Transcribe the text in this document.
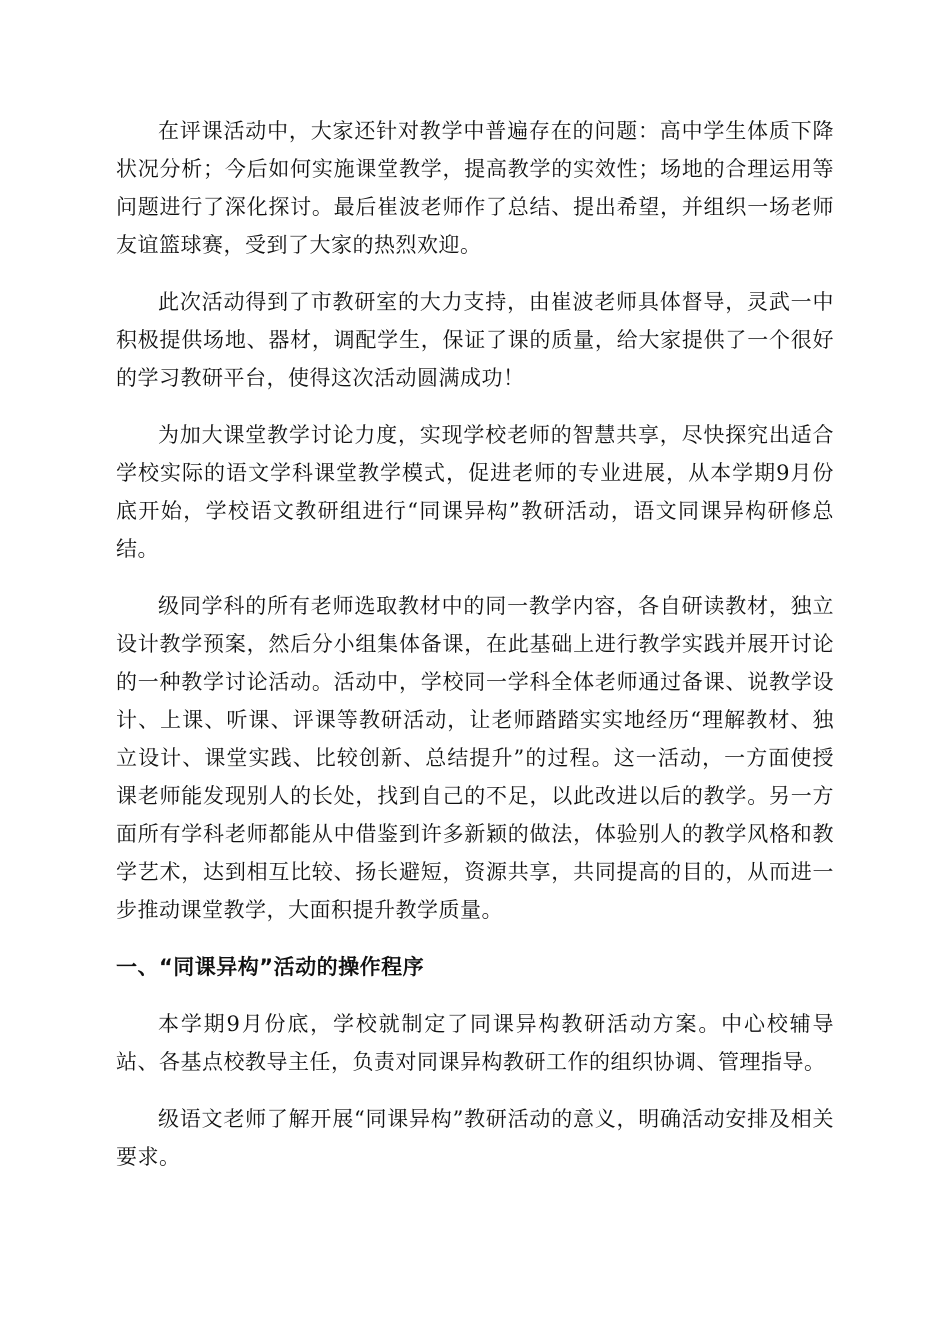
在评课活动中，大家还针对教学中普遍存在的问题：高中学生体质下降状况分析；今后如何实施课堂教学，提高教学的实效性；场地的合理运用等问题进行了深化探讨。最后崔波老师作了总结、提出希望，并组织一场老师友谊篮球赛，受到了大家的热烈欢迎。

此次活动得到了市教研室的大力支持，由崔波老师具体督导，灵武一中积极提供场地、器材，调配学生，保证了课的质量，给大家提供了一个很好的学习教研平台，使得这次活动圆满成功！

为加大课堂教学讨论力度，实现学校老师的智慧共享，尽快探究出适合学校实际的语文学科课堂教学模式，促进老师的专业进展，从本学期9月份底开始，学校语文教研组进行“同课异构”教研活动，语文同课异构研修总结。

级同学科的所有老师选取教材中的同一教学内容，各自研读教材，独立设计教学预案，然后分小组集体备课，在此基础上进行教学实践并展开讨论的一种教学讨论活动。活动中，学校同一学科全体老师通过备课、说教学设计、上课、听课、评课等教研活动，让老师踏踏实实地经历“理解教材、独立设计、课堂实践、比较创新、总结提升”的过程。这一活动，一方面使授课老师能发现别人的长处，找到自己的不足，以此改进以后的教学。另一方面所有学科老师都能从中借鉴到许多新颖的做法，体验别人的教学风格和教学艺术，达到相互比较、扬长避短，资源共享，共同提高的目的，从而进一步推动课堂教学，大面积提升教学质量。

一、“同课异构”活动的操作程序

本学期9月份底，学校就制定了同课异构教研活动方案。中心校辅导站、各基点校教导主任，负责对同课异构教研工作的组织协调、管理指导。

级语文老师了解开展“同课异构”教研活动的意义，明确活动安排及相关要求。
